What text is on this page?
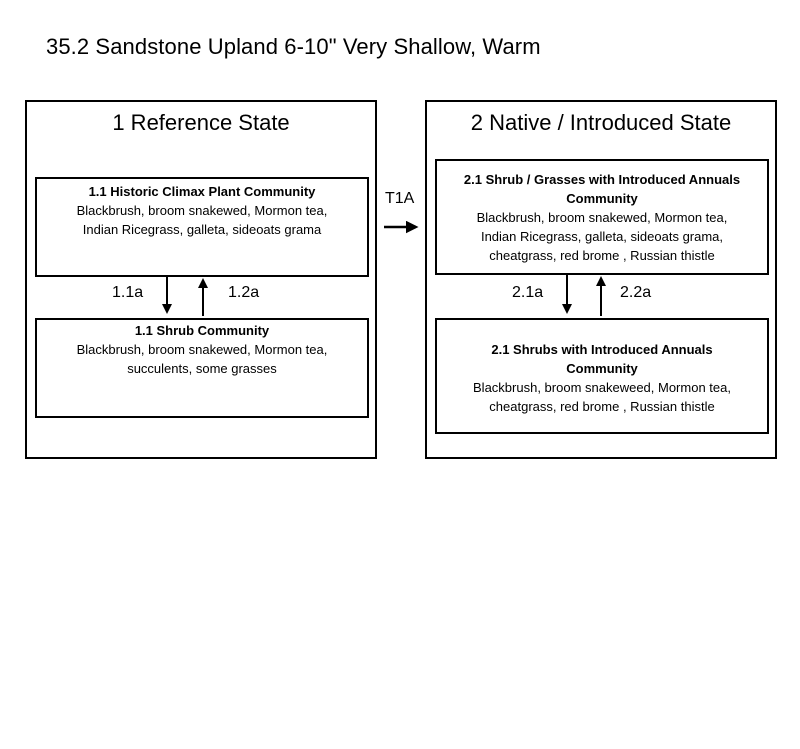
35.2 Sandstone Upland 6-10" Very Shallow, Warm
1 Reference State
1.1 Historic Climax Plant Community
Blackbrush, broom snakewed, Mormon tea,
Indian Ricegrass, galleta, sideoats grama
1.1 Shrub Community
Blackbrush, broom snakewed, Mormon tea,
succulents, some grasses
1.1a	1.2a
T1A
2 Native / Introduced State
2.1 Shrub / Grasses with Introduced Annuals
Community
Blackbrush, broom snakewed, Mormon tea,
Indian Ricegrass, galleta, sideoats grama,
cheatgrass, red brome , Russian thistle
2.1 Shrubs with Introduced Annuals
Community
Blackbrush, broom snakeweed, Mormon tea,
cheatgrass, red brome , Russian thistle
2.1a	2.2a
